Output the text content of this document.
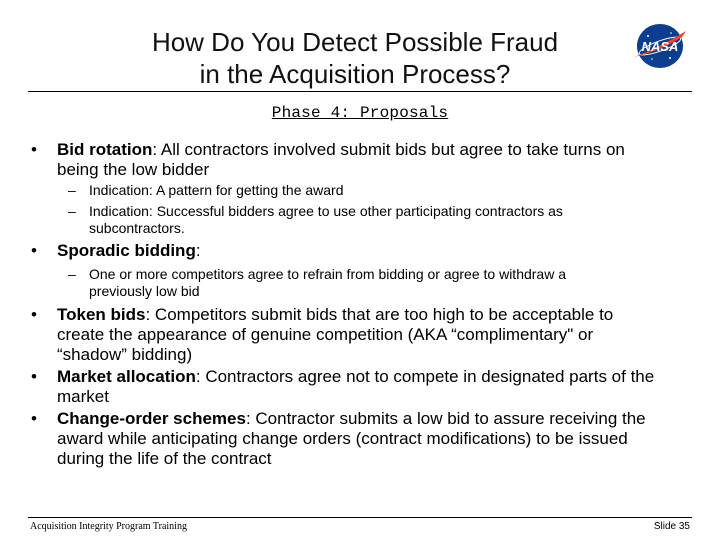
How Do You Detect Possible Fraud
in the Acquisition Process?
NASA
Phase 4: Proposals
• Bid rotation: All contractors involved submit bids but agree to take turns on
being the low bidder
– Indication: A pattern for getting the award
– Indication: Successful bidders agree to use other participating contractors as
subcontractors.
• Sporadic bidding:
– One or more competitors agree to refrain from bidding or agree to withdraw a
previously low bid
• Token bids: Competitors submit bids that are too high to be acceptable to
create the appearance of genuine competition (AKA “complimentary" or
“shadow” bidding)
• Market allocation: Contractors agree not to compete in designated parts of the
market
• Change-order schemes: Contractor submits a low bid to assure receiving the
award while anticipating change orders (contract modifications) to be issued
during the life of the contract
Acquisition Integrity Program Training	Slide 35
